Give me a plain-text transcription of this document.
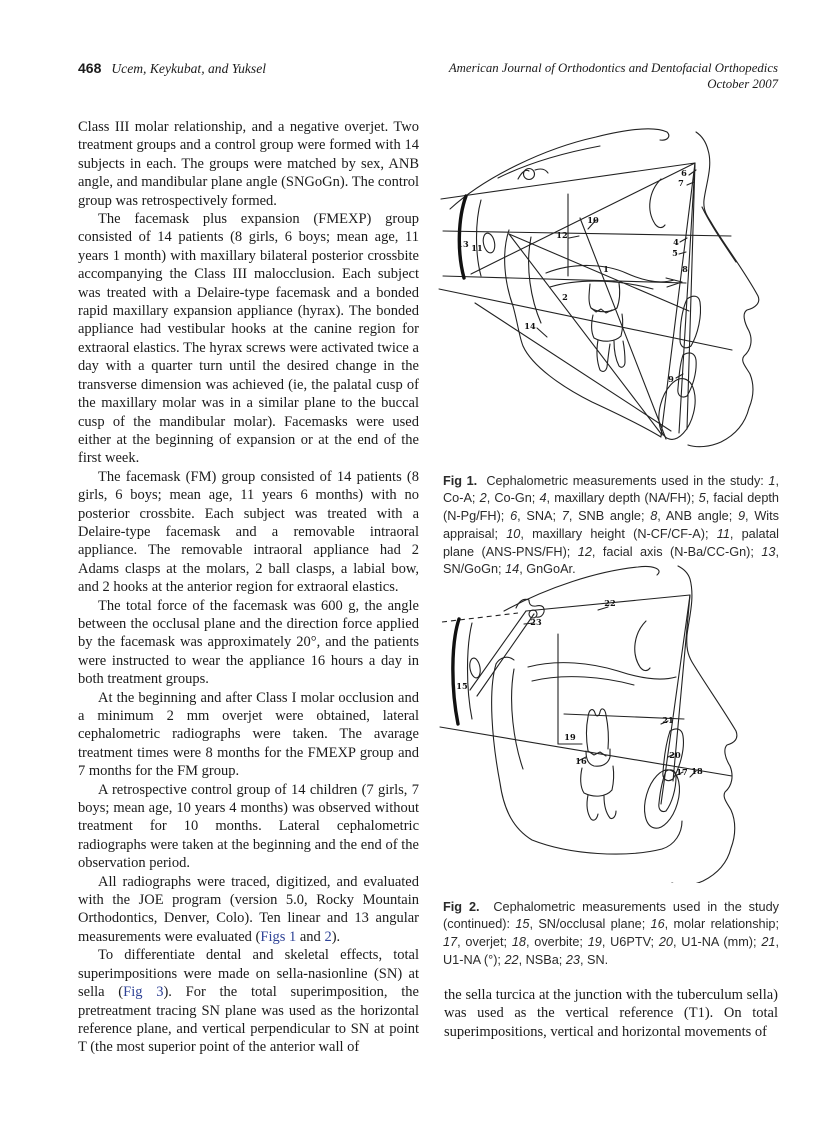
468 Ucem, Keykubat, and Yuksel	American Journal of Orthodontics and Dentofacial Orthopedics
October 2007

Class III molar relationship, and a negative overjet. Two treatment groups and a control group were formed with 14 subjects in each. The groups were matched by sex, ANB angle, and mandibular plane angle (SNGoGn). The control group was retrospectively formed.

The facemask plus expansion (FMEXP) group consisted of 14 patients (8 girls, 6 boys; mean age, 11 years 1 month) with maxillary bilateral posterior crossbite accompanying the Class III malocclusion. Each subject was treated with a Delaire-type facemask and a bonded rapid maxillary expansion appliance (hyrax). The bonded appliance had vestibular hooks at the canine region for extraoral elastics. The hyrax screws were activated twice a day with a quarter turn until the desired change in the transverse dimension was achieved (ie, the palatal cusp of the maxillary molar was in a similar plane to the buccal cusp of the mandibular molar). Facemasks were used either at the beginning of expansion or at the end of the first week.

The facemask (FM) group consisted of 14 patients (8 girls, 6 boys; mean age, 11 years 6 months) with no posterior crossbite. Each subject was treated with a Delaire-type facemask and a removable intraoral appliance. The removable intraoral appliance had 2 Adams clasps at the molars, 2 ball clasps, a labial bow, and 2 hooks at the anterior region for extraoral elastics.

The total force of the facemask was 600 g, the angle between the occlusal plane and the direction force applied by the facemask was approximately 20°, and the patients were instructed to wear the appliance 16 hours a day in both treatment groups.

At the beginning and after Class I molar occlusion and a minimum 2 mm overjet were obtained, lateral cephalometric radiographs were taken. The avarage treatment times were 8 months for the FMEXP group and 7 months for the FM group.

A retrospective control group of 14 children (7 girls, 7 boys; mean age, 10 years 4 months) was observed without treatment for 10 months. Lateral cephalometric radiographs were taken at the beginning and the end of the observation period.

All radiographs were traced, digitized, and evaluated with the JOE program (version 5.0, Rocky Mountain Orthodontics, Denver, Colo). Ten linear and 13 angular measurements were evaluated (Figs 1 and 2).

To differentiate dental and skeletal effects, total superimpositions were made on sella-nasionline (SN) at sella (Fig 3). For the total superimposition, the pretreatment tracing SN plane was used as the horizontal reference plane, and vertical perpendicular to SN at point T (the most superior point of the anterior wall of

6
7
10
12
13 11
4
5
8
1
2
14
9

Fig 1.  Cephalometric measurements used in the study: 1, Co-A; 2, Co-Gn; 4, maxillary depth (NA/FH); 5, facial depth (N-Pg/FH); 6, SNA; 7, SNB angle; 8, ANB angle; 9, Wits appraisal; 10, maxillary height (N-CF/CF-A); 11, palatal plane (ANS-PNS/FH); 12, facial axis (N-Ba/CC-Gn); 13, SN/GoGn; 14, GnGoAr.

22
23
15
19
16
21
20
17 18

Fig 2.  Cephalometric measurements used in the study (continued): 15, SN/occlusal plane; 16, molar relationship; 17, overjet; 18, overbite; 19, U6PTV; 20, U1-NA (mm); 21, U1-NA (°); 22, NSBa; 23, SN.

the sella turcica at the junction with the tuberculum sella) was used as the vertical reference (T1). On total superimpositions, vertical and horizontal movements of
